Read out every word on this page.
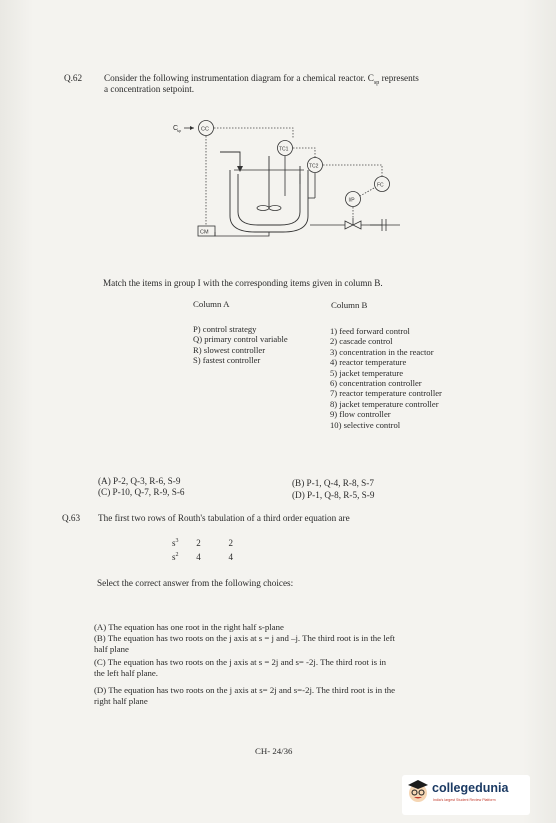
Q.62 Consider the following instrumentation diagram for a chemical reactor. $C_{sp}$ represents
a concentration setpoint.
C
sp	CC
TC1
TC2
FC
I/P
CM
Match the items in group I with the corresponding items given in column B.
Column A	Column B
P) control strategy
Q) primary control variable
R) slowest controller
S) fastest controller
1) feed forward control
2) cascade control
3) concentration in the reactor
4) reactor temperature
5) jacket temperature
6) concentration controller
7) reactor temperature controller
8) jacket temperature controller
9) flow controller
10) selective control
(A) P-2, Q-3, R-6, S-9
(C) P-10, Q-7, R-9, S-6
(B) P-1, Q-4, R-8, S-7
(D) P-1, Q-8, R-5, S-9
Q.63 The first two rows of Routh's tabulation of a third order equation are
$s^3$ 2	2
$s^2$ 4	4
Select the correct answer from the following choices:
(A) The equation has one root in the right half s-plane
(B) The equation has two roots on the j axis at s = j and –j. The third root is in the left
half plane
(C) The equation has two roots on the j axis at s = 2j and s= -2j. The third root is in
the left half plane.
(D) The equation has two roots on the j axis at s= 2j and s=-2j. The third root is in the
right half plane
CH- 24/36
collegedunia
India's largest Student Review Platform
